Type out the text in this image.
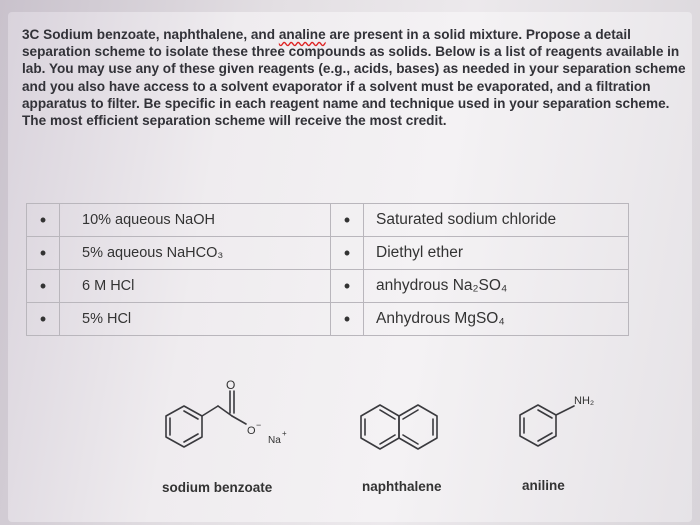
3C Sodium benzoate, naphthalene, and analine are present in a solid mixture. Propose a detail separation scheme to isolate these three compounds as solids. Below is a list of reagents available in lab. You may use any of these given reagents (e.g., acids, bases) as needed in your separation scheme and you also have access to a solvent evaporator if a solvent must be evaporated, and a filtration apparatus to filter. Be specific in each reagent name and technique used in your separation scheme. The most efficient separation scheme will receive the most credit.

•	10% aqueous NaOH	•	Saturated sodium chloride
•	5% aqueous NaHCO₃	•	Diethyl ether
•	6 M HCl	•	anhydrous Na₂SO₄
•	5% HCl	•	Anhydrous MgSO₄
O
O −
Na
+
NH₂
sodium benzoate	naphthalene	aniline
